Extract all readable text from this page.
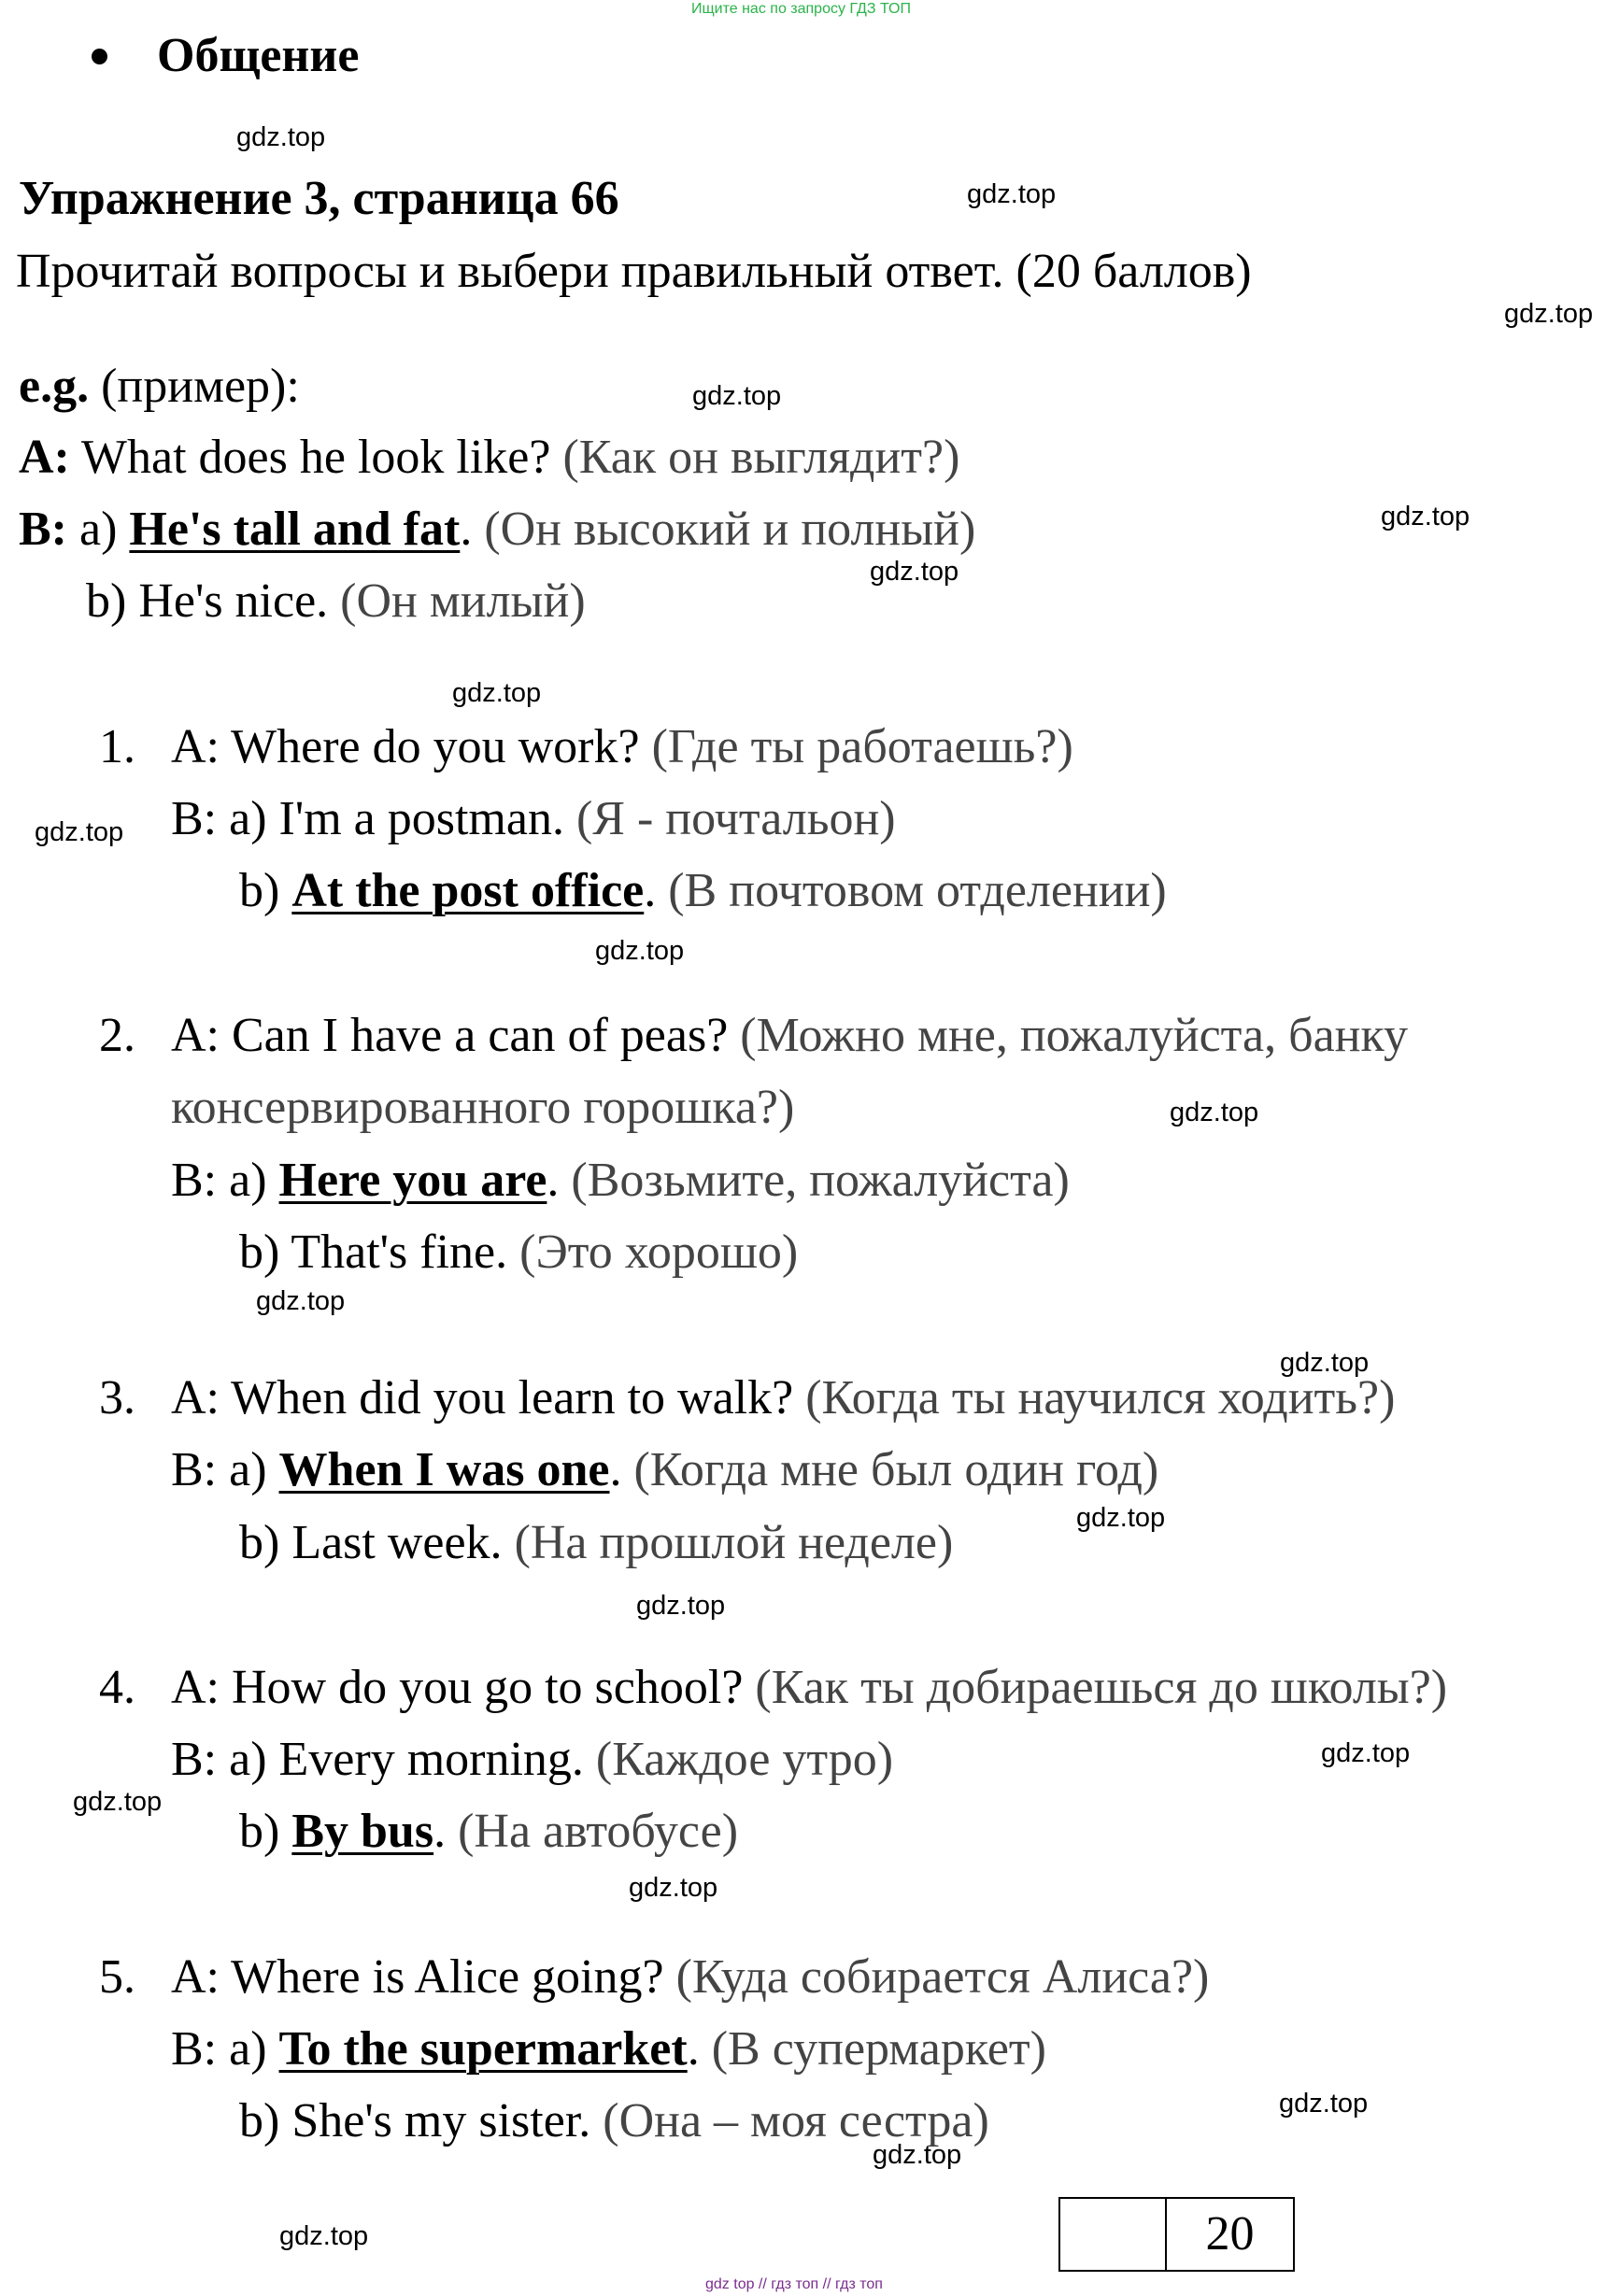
Ищите нас по запросу ГДЗ ТОП
Общение
Упражнение 3, страница 66
Прочитай вопросы и выбери правильный ответ. (20 баллов)
e.g. (пример):
A: What does he look like? (Как он выглядит?)
B: a) He's tall and fat. (Он высокий и полный)
b) He's nice. (Он милый)
1. A: Where do you work? (Где ты работаешь?)
B: a) I'm a postman. (Я - почтальон)
b) At the post office. (В почтовом отделении)
2. A: Can I have a can of peas? (Можно мне, пожалуйста, банку
консервированного горошка?)
B: a) Here you are. (Возьмите, пожалуйста)
b) That's fine. (Это хорошо)
3. A: When did you learn to walk? (Когда ты научился ходить?)
B: a) When I was one. (Когда мне был один год)
b) Last week. (На прошлой неделе)
4. A: How do you go to school? (Как ты добираешься до школы?)
B: a) Every morning. (Каждое утро)
b) By bus. (На автобусе)
5. A: Where is Alice going? (Куда собирается Алиса?)
B: a) To the supermarket. (В супермаркет)
b) She's my sister. (Она – моя сестра)
20
gdz.top
gdz.top
gdz.top
gdz.top
gdz.top
gdz.top
gdz.top
gdz.top
gdz.top
gdz.top
gdz.top
gdz.top
gdz.top
gdz.top
gdz.top
gdz.top
gdz.top
gdz.top
gdz.top
gdz.top
gdz top // гдз топ // гдз топ
